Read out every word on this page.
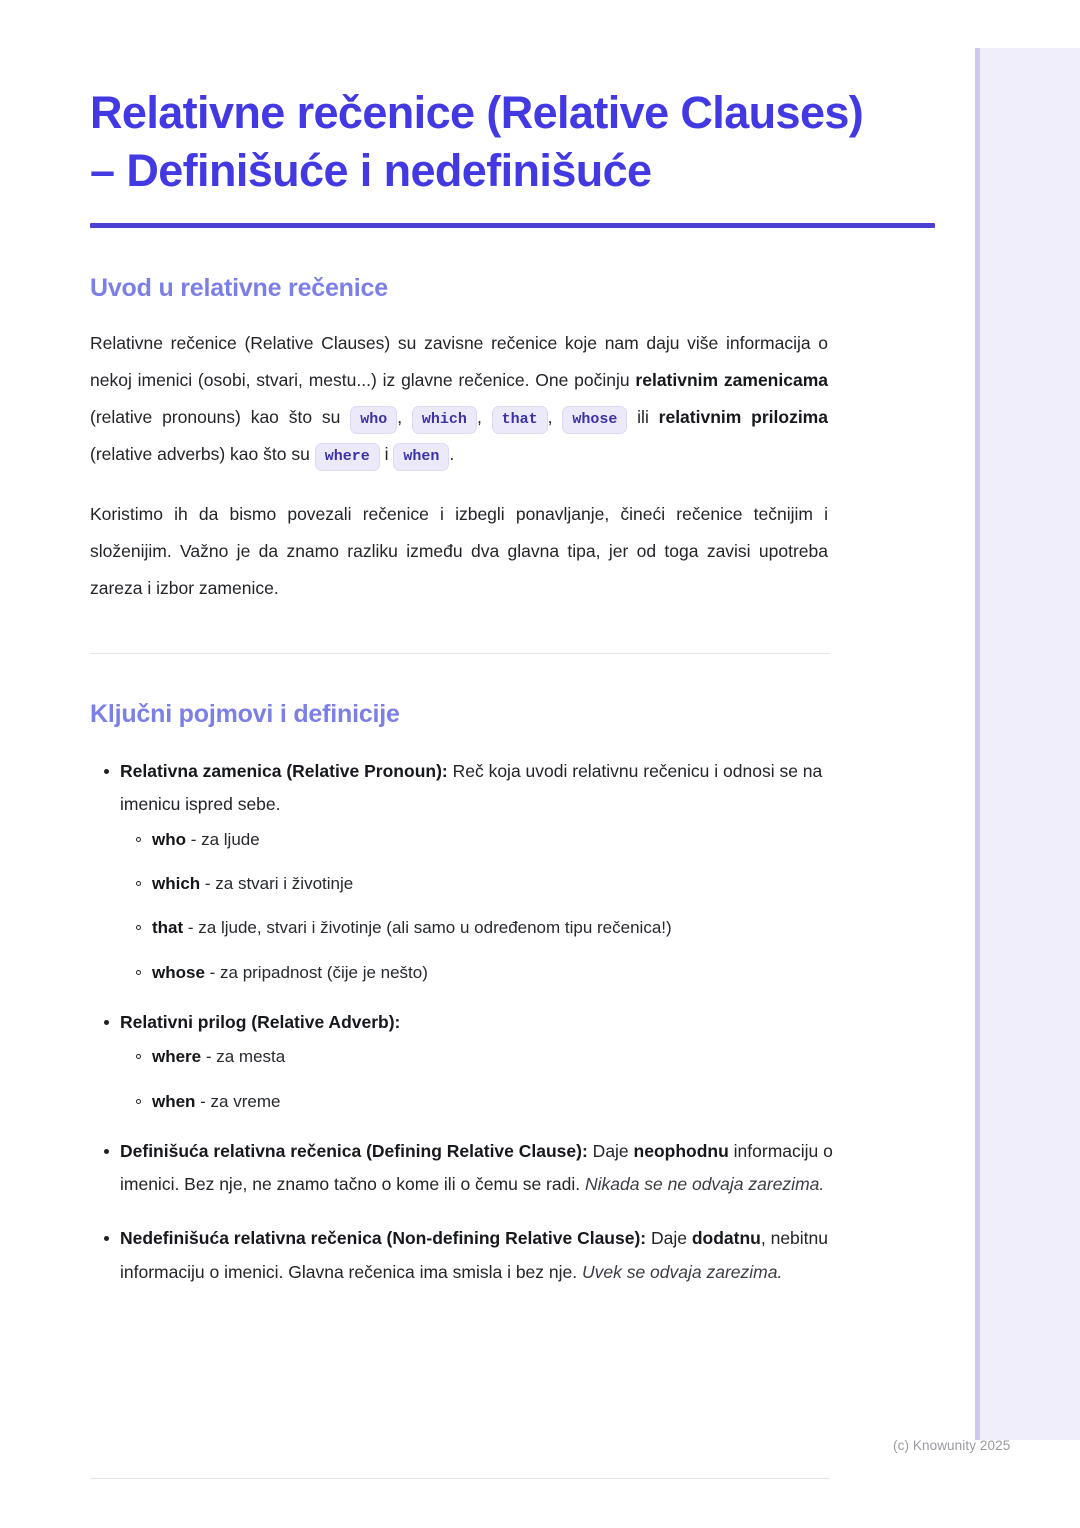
Relativne rečenice (Relative Clauses) – Definišuće i nedefinišuće
Uvod u relativne rečenice

Relativne rečenice (Relative Clauses) su zavisne rečenice koje nam daju više informacija o nekoj imenici (osobi, stvari, mestu...) iz glavne rečenice. One počinju relativnim zamenicama (relative pronouns) kao što su who , which , that , whose ili relativnim prilozima (relative adverbs) kao što su where i when .

Koristimo ih da bismo povezali rečenice i izbegli ponavljanje, čineći rečenice tečnijim i složenijim. Važno je da znamo razliku između dva glavna tipa, jer od toga zavisi upotreba zareza i izbor zamenice.

Ključni pojmovi i definicije
Relativna zamenica (Relative Pronoun): Reč koja uvodi relativnu rečenicu i odnosi se na imenicu ispred sebe.
who - za ljude
which - za stvari i životinje
that - za ljude, stvari i životinje (ali samo u određenom tipu rečenica!)
whose - za pripadnost (čije je nešto)
Relativni prilog (Relative Adverb):
where - za mesta
when - za vreme
Definišuća relativna rečenica (Defining Relative Clause): Daje neophodnu informaciju o imenici. Bez nje, ne znamo tačno o kome ili o čemu se radi. Nikada se ne odvaja zarezima.
Nedefinišuća relativna rečenica (Non-defining Relative Clause): Daje dodatnu, nebitnu informaciju o imenici. Glavna rečenica ima smisla i bez nje. Uvek se odvaja zarezima.
(c) Knowunity 2025
